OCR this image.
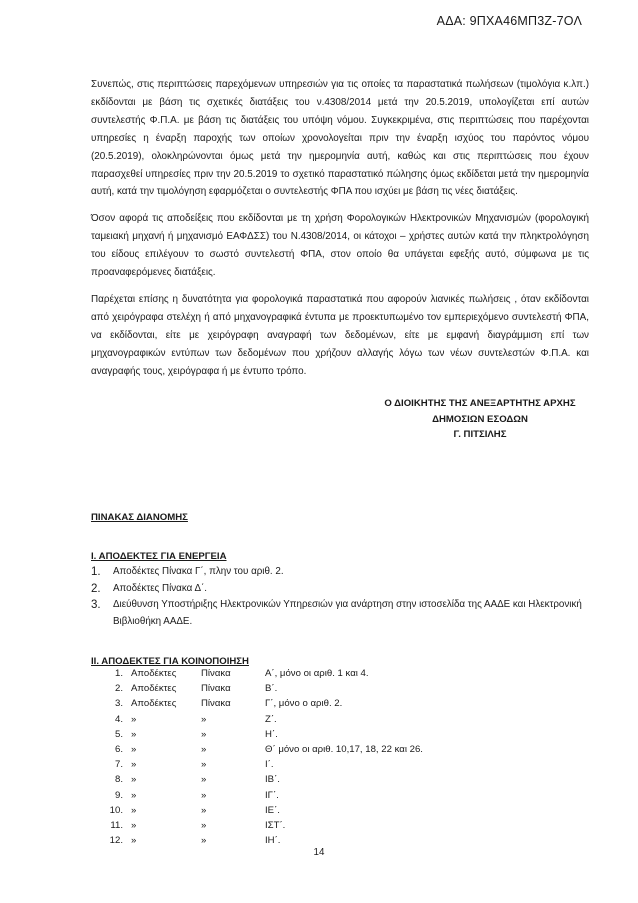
ΑΔΑ: 9ΠΧΑ46ΜΠ3Ζ-7ΟΛ

Συνεπώς, στις περιπτώσεις παρεχόμενων υπηρεσιών για τις οποίες τα παραστατικά πωλήσεων (τιμολόγια κ.λπ.) εκδίδονται με βάση τις σχετικές διατάξεις του ν.4308/2014 μετά την 20.5.2019, υπολογίζεται επί αυτών συντελεστής Φ.Π.Α. με βάση τις διατάξεις του υπόψη νόμου. Συγκεκριμένα, στις περιπτώσεις που παρέχονται υπηρεσίες η έναρξη παροχής των οποίων χρονολογείται πριν την έναρξη ισχύος του παρόντος νόμου (20.5.2019), ολοκληρώνονται όμως μετά την ημερομηνία αυτή, καθώς και στις περιπτώσεις που έχουν παρασχεθεί υπηρεσίες πριν την 20.5.2019 το σχετικό παραστατικό πώλησης όμως εκδίδεται μετά την ημερομηνία αυτή, κατά την τιμολόγηση εφαρμόζεται ο συντελεστής ΦΠΑ που ισχύει με βάση τις νέες διατάξεις.

Όσον αφορά τις αποδείξεις που εκδίδονται με τη χρήση Φορολογικών Ηλεκτρονικών Μηχανισμών (φορολογική ταμειακή μηχανή ή μηχανισμό ΕΑΦΔΣΣ) του Ν.4308/2014, οι κάτοχοι – χρήστες αυτών κατά την πληκτρολόγηση του είδους επιλέγουν το σωστό συντελεστή ΦΠΑ, στον οποίο θα υπάγεται εφεξής αυτό, σύμφωνα με τις προαναφερόμενες διατάξεις.

Παρέχεται επίσης η δυνατότητα για φορολογικά παραστατικά που αφορούν λιανικές πωλήσεις , όταν εκδίδονται από χειρόγραφα στελέχη ή από μηχανογραφικά έντυπα με προεκτυπωμένο τον εμπεριεχόμενο συντελεστή ΦΠΑ, να εκδίδονται, είτε με χειρόγραφη αναγραφή των δεδομένων, είτε με εμφανή διαγράμμιση επί των μηχανογραφικών εντύπων των δεδομένων που χρήζουν αλλαγής λόγω των νέων συντελεστών Φ.Π.Α. και αναγραφής τους, χειρόγραφα ή με έντυπο τρόπο.

Ο ΔΙΟΙΚΗΤΗΣ ΤΗΣ ΑΝΕΞΑΡΤΗΤΗΣ ΑΡΧΗΣ
ΔΗΜΟΣΙΩΝ ΕΣΟΔΩΝ
Γ. ΠΙΤΣΙΛΗΣ

ΠΙΝΑΚΑΣ ΔΙΑΝΟΜΗΣ

Ι. ΑΠΟΔΕΚΤΕΣ ΓΙΑ ΕΝΕΡΓΕΙΑ

1. Αποδέκτες Πίνακα Γ΄, πλην του αριθ. 2.
2. Αποδέκτες Πίνακα Δ΄.
3. Διεύθυνση Υποστήριξης Ηλεκτρονικών Υπηρεσιών για ανάρτηση στην ιστοσελίδα της ΑΑΔΕ και Ηλεκτρονική Βιβλιοθήκη ΑΑΔΕ.

ΙΙ. ΑΠΟΔΕΚΤΕΣ ΓΙΑ ΚΟΙΝΟΠΟΙΗΣΗ

1.	Αποδέκτες	Πίνακα	Α΄, μόνο οι αριθ. 1 και 4.
2.	Αποδέκτες	Πίνακα	Β΄.
3.	Αποδέκτες	Πίνακα	Γ΄, μόνο ο αριθ. 2.
4.	»	»	Ζ΄.
5.	»	»	Η΄.
6.	»	»	Θ΄ μόνο οι αριθ. 10,17, 18, 22 και 26.
7.	»	»	Ι΄.
8.	»	»	ΙΒ΄.
9.	»	»	ΙΓ΄.
10.	»	»	ΙΕ΄.
11.	»	»	ΙΣΤ΄.
12.	»	»	ΙΗ΄.
14
